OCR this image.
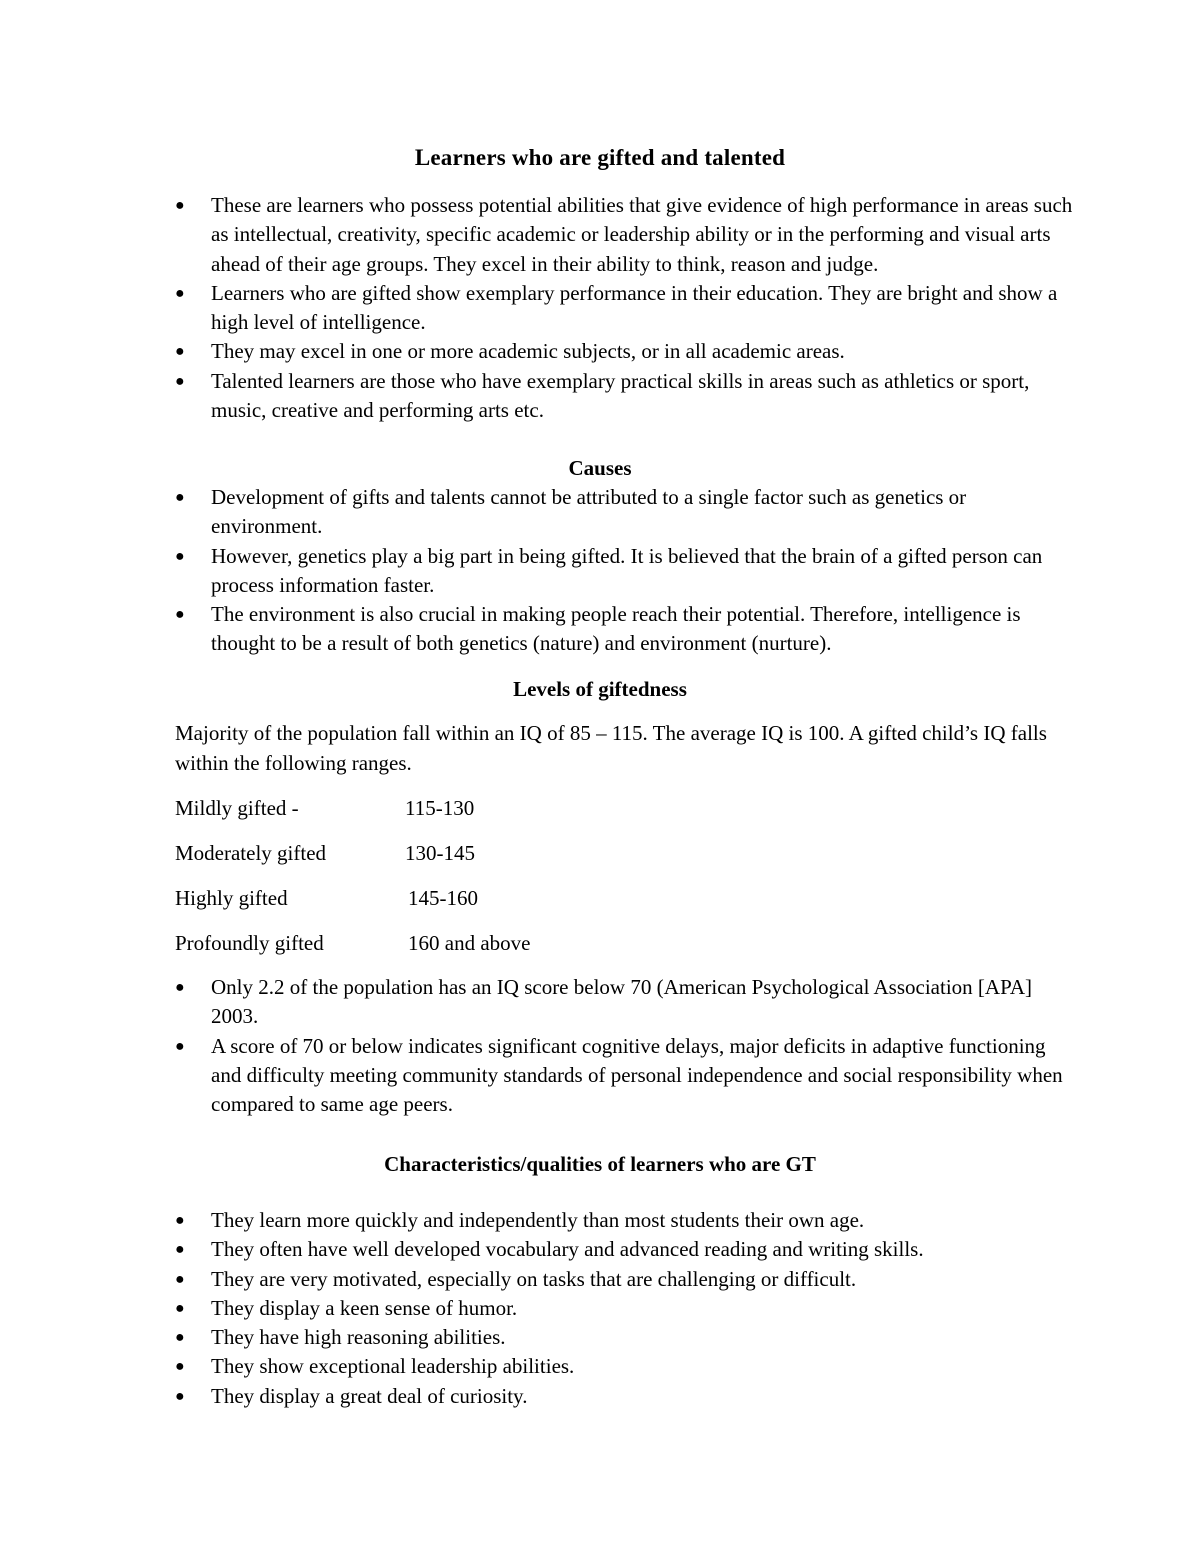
Learners who are gifted and talented
●	These are learners who possess potential abilities that give evidence of high performance in areas such as intellectual, creativity, specific academic or leadership ability or in the performing and visual arts ahead of their age groups. They excel in their ability to think, reason and judge.
●	Learners who are gifted show exemplary performance in their education. They are bright and show a high level of intelligence.
●	They may excel in one or more academic subjects, or in all academic areas.
●	Talented learners are those who have exemplary practical skills in areas such as athletics or sport, music, creative and performing arts etc.
Causes
●	Development of gifts and talents cannot be attributed to a single factor such as genetics or environment.
●	However, genetics play a big part in being gifted. It is believed that the brain of a gifted person can process information faster.
●	The environment is also crucial in making people reach their potential. Therefore, intelligence is thought to be a result of both genetics (nature) and environment (nurture).
Levels of giftedness

Majority of the population fall within an IQ of 85 – 115. The average IQ is 100. A gifted child’s IQ falls within the following ranges.

Mildly gifted -	115-130
Moderately gifted	130-145
Highly gifted	145-160
Profoundly gifted	160 and above
●	Only 2.2 of the population has an IQ score below 70 (American Psychological Association [APA] 2003.
●	A score of 70 or below indicates significant cognitive delays, major deficits in adaptive functioning and difficulty meeting community standards of personal independence and social responsibility when compared to same age peers.
Characteristics/qualities of learners who are GT
●	They learn more quickly and independently than most students their own age.
●	They often have well developed vocabulary and advanced reading and writing skills.
●	They are very motivated, especially on tasks that are challenging or difficult.
●	They display a keen sense of humor.
●	They have high reasoning abilities.
●	They show exceptional leadership abilities.
●	They display a great deal of curiosity.
